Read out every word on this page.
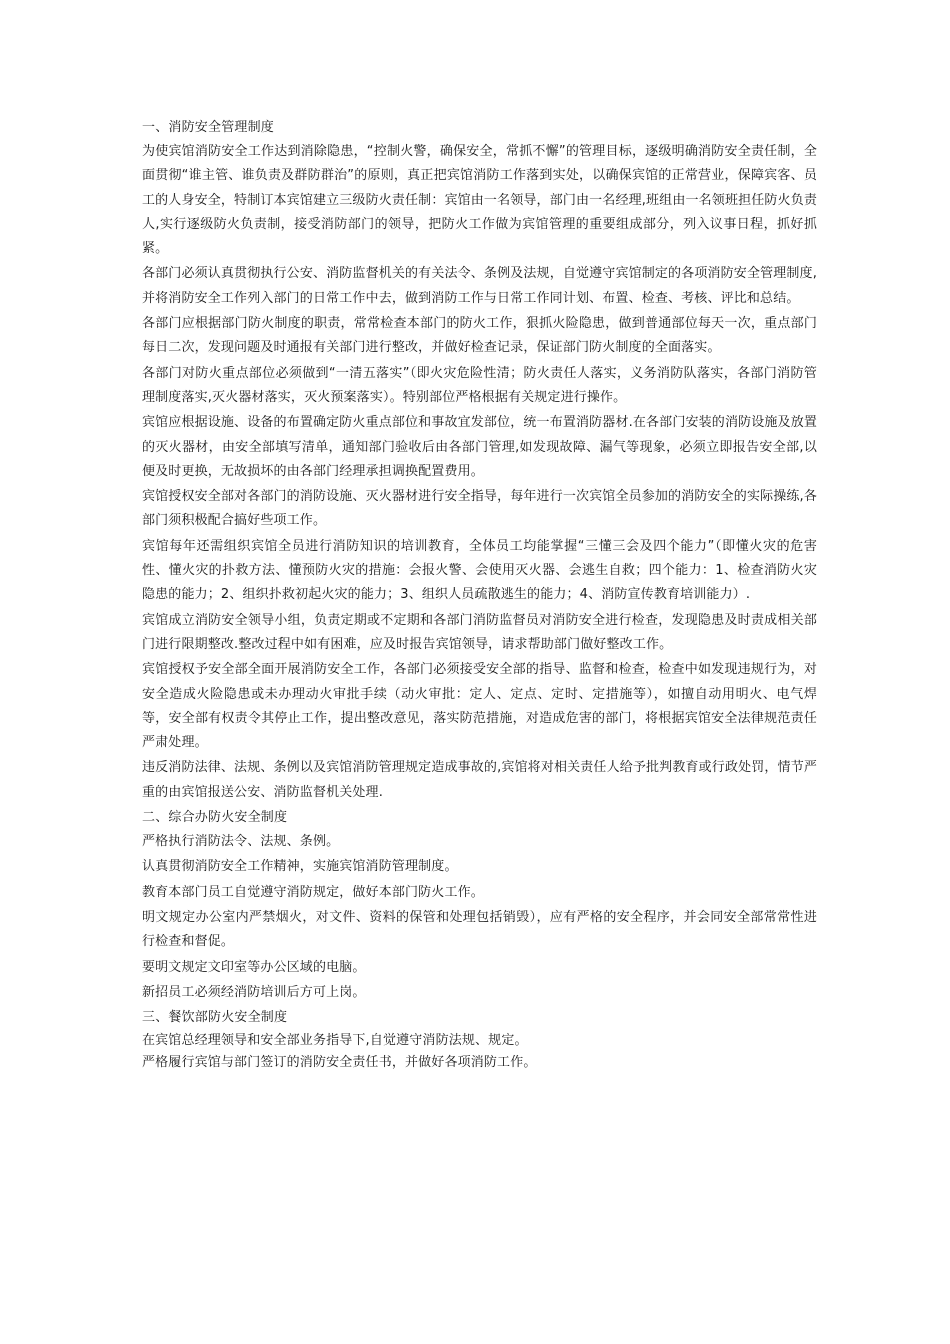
一、消防安全管理制度

为使宾馆消防安全工作达到消除隐患，“控制火警，确保安全，常抓不懈”的管理目标，逐级明确消防安全责任制，全面贯彻“谁主管、谁负责及群防群治”的原则，真正把宾馆消防工作落到实处，以确保宾馆的正常营业，保障宾客、员工的人身安全，特制订本宾馆建立三级防火责任制：宾馆由一名领导，部门由一名经理,班组由一名领班担任防火负责人,实行逐级防火负责制，接受消防部门的领导，把防火工作做为宾馆管理的重要组成部分，列入议事日程，抓好抓紧。

各部门必须认真贯彻执行公安、消防监督机关的有关法令、条例及法规，自觉遵守宾馆制定的各项消防安全管理制度,并将消防安全工作列入部门的日常工作中去，做到消防工作与日常工作同计划、布置、检查、考核、评比和总结。

各部门应根据部门防火制度的职责，常常检查本部门的防火工作，狠抓火险隐患，做到普通部位每天一次，重点部门每日二次，发现问题及时通报有关部门进行整改，并做好检查记录，保证部门防火制度的全面落实。

各部门对防火重点部位必须做到“一清五落实”（即火灾危险性清；防火责任人落实，义务消防队落实，各部门消防管理制度落实,灭火器材落实，灭火预案落实）。特别部位严格根据有关规定进行操作。

宾馆应根据设施、设备的布置确定防火重点部位和事故宜发部位，统一布置消防器材.在各部门安装的消防设施及放置的灭火器材，由安全部填写清单，通知部门验收后由各部门管理,如发现故障、漏气等现象，必须立即报告安全部,以便及时更换，无故损坏的由各部门经理承担调换配置费用。

宾馆授权安全部对各部门的消防设施、灭火器材进行安全指导，每年进行一次宾馆全员参加的消防安全的实际操练,各部门须积极配合搞好些项工作。

宾馆每年还需组织宾馆全员进行消防知识的培训教育，全体员工均能掌握“三懂三会及四个能力”（即懂火灾的危害性、懂火灾的扑救方法、懂预防火灾的措施：会报火警、会使用灭火器、会逃生自救；四个能力：1、检查消防火灾隐患的能力；2、组织扑救初起火灾的能力；3、组织人员疏散逃生的能力；4、消防宣传教育培训能力）.

宾馆成立消防安全领导小组，负责定期或不定期和各部门消防监督员对消防安全进行检查，发现隐患及时责成相关部门进行限期整改.整改过程中如有困难，应及时报告宾馆领导，请求帮助部门做好整改工作。

宾馆授权予安全部全面开展消防安全工作，各部门必须接受安全部的指导、监督和检查，检查中如发现违规行为，对安全造成火险隐患或未办理动火审批手续（动火审批：定人、定点、定时、定措施等），如擅自动用明火、电气焊等，安全部有权责令其停止工作，提出整改意见，落实防范措施，对造成危害的部门，将根据宾馆安全法律规范责任严肃处理。

违反消防法律、法规、条例以及宾馆消防管理规定造成事故的,宾馆将对相关责任人给予批判教育或行政处罚，情节严重的由宾馆报送公安、消防监督机关处理.

二、综合办防火安全制度

严格执行消防法令、法规、条例。

认真贯彻消防安全工作精神，实施宾馆消防管理制度。

教育本部门员工自觉遵守消防规定，做好本部门防火工作。

明文规定办公室内严禁烟火，对文件、资料的保管和处理包括销毁），应有严格的安全程序，并会同安全部常常性进行检查和督促。

要明文规定文印室等办公区域的电脑。

新招员工必须经消防培训后方可上岗。

三、餐饮部防火安全制度

在宾馆总经理领导和安全部业务指导下,自觉遵守消防法规、规定。

严格履行宾馆与部门签订的消防安全责任书，并做好各项消防工作。
